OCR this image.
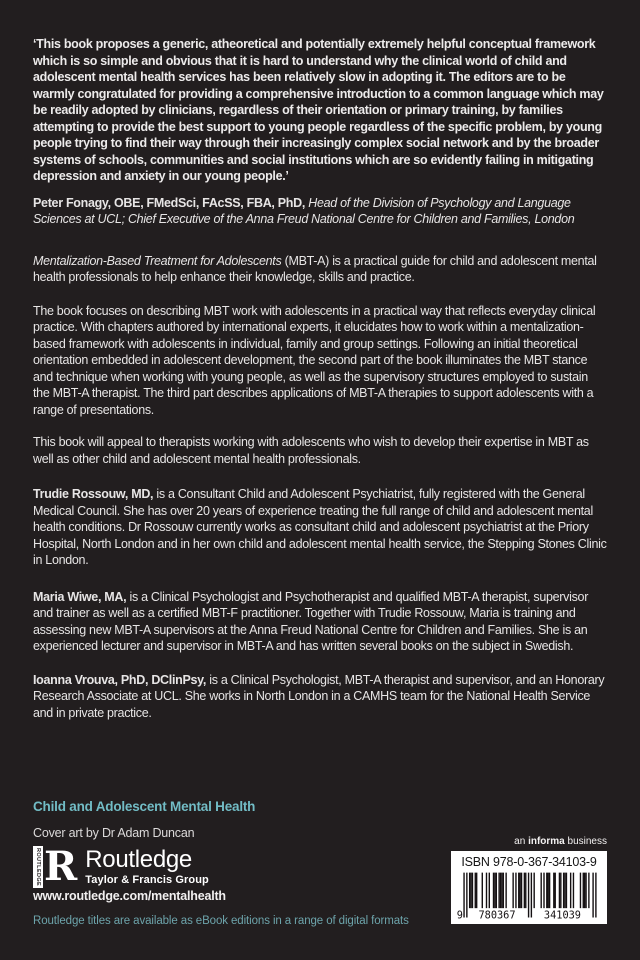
‘This book proposes a generic, atheoretical and potentially extremely helpful conceptual framework which is so simple and obvious that it is hard to understand why the clinical world of child and adolescent mental health services has been relatively slow in adopting it. The editors are to be warmly congratulated for providing a comprehensive introduction to a common language which may be readily adopted by clinicians, regardless of their orientation or primary training, by families attempting to provide the best support to young people regardless of the specific problem, by young people trying to find their way through their increasingly complex social network and by the broader systems of schools, communities and social institutions which are so evidently failing in mitigating depression and anxiety in our young people.’

Peter Fonagy, OBE, FMedSci, FAcSS, FBA, PhD, Head of the Division of Psychology and Language Sciences at UCL; Chief Executive of the Anna Freud National Centre for Children and Families, London

Mentalization-Based Treatment for Adolescents (MBT-A) is a practical guide for child and adolescent mental health professionals to help enhance their knowledge, skills and practice.

The book focuses on describing MBT work with adolescents in a practical way that reflects everyday clinical practice. With chapters authored by international experts, it elucidates how to work within a mentalization-based framework with adolescents in individual, family and group settings. Following an initial theoretical orientation embedded in adolescent development, the second part of the book illuminates the MBT stance and technique when working with young people, as well as the supervisory structures employed to sustain the MBT-A therapist. The third part describes applications of MBT-A therapies to support adolescents with a range of presentations.

This book will appeal to therapists working with adolescents who wish to develop their expertise in MBT as well as other child and adolescent mental health professionals.

Trudie Rossouw, MD, is a Consultant Child and Adolescent Psychiatrist, fully registered with the General Medical Council. She has over 20 years of experience treating the full range of child and adolescent mental health conditions. Dr Rossouw currently works as consultant child and adolescent psychiatrist at the Priory Hospital, North London and in her own child and adolescent mental health service, the Stepping Stones Clinic in London.

Maria Wiwe, MA, is a Clinical Psychologist and Psychotherapist and qualified MBT-A therapist, supervisor and trainer as well as a certified MBT-F practitioner. Together with Trudie Rossouw, Maria is training and assessing new MBT-A supervisors at the Anna Freud National Centre for Children and Families. She is an experienced lecturer and supervisor in MBT-A and has written several books on the subject in Swedish.

Ioanna Vrouva, PhD, DClinPsy, is a Clinical Psychologist, MBT-A therapist and supervisor, and an Honorary Research Associate at UCL. She works in North London in a CAMHS team for the National Health Service and in private practice.

Child and Adolescent Mental Health
Cover art by Dr Adam Duncan
ROUTLEDGE R Routledge
Taylor & Francis Group
www.routledge.com/mentalhealth
Routledge titles are available as eBook editions in a range of digital formats
an informa business
ISBN 978-0-367-34103-9
9 780367	341039
